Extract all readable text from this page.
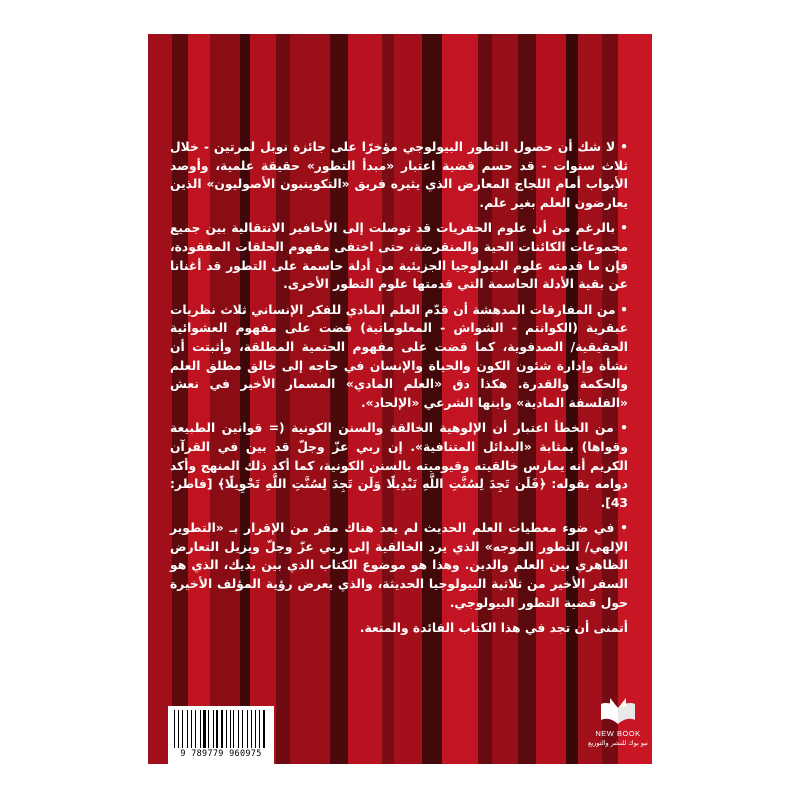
• لا شك أن حصول التطور البيولوجي مؤخرًا على جائزة نوبل لمرتين - خلال ثلاث سنوات - قد حسم قضية اعتبار «مبدأ التطور» حقيقة علمية، وأوصد الأبواب أمام اللجاج المعارض الذي يثيره فريق «التكوينيون الأصوليون» الذين يعارضون العلم بغير علم.

• بالرغم من أن علوم الحفريات قد توصلت إلى الأحافير الانتقالية بين جميع مجموعات الكائنات الحية والمنقرضة، حتى اختفى مفهوم الحلقات المفقودة، فإن ما قدمته علوم البيولوجيا الجزيئية من أدلة حاسمة على التطور قد أغنانا عن بقية الأدلة الحاسمة التي قدمتها علوم التطور الأخرى.

• من المفارقات المدهشة أن قدّم العلم المادي للفكر الإنساني ثلاث نظريات عبقرية (الكوانتم - الشواش - المعلوماتية) قضت على مفهوم العشوائية الحقيقية/ الصدفوية، كما قضت على مفهوم الحتمية المطلقة، وأثبتت أن نشأة وإدارة شئون الكون والحياة والإنسان في حاجه إلى خالق مطلق العلم والحكمة والقدرة. هكذا دق «العلم المادي» المسمار الأخير في نعش «الفلسفة المادية» وابنها الشرعي «الإلحاد».

• من الخطأ اعتبار أن الإلوهية الخالقة والسنن الكونية (= قوانين الطبيعة وقواها) بمثابة «البدائل المتنافية». إن ربي عزّ وجلّ قد بين في القرآن الكريم أنه يمارس خالقيته وقيوميته بالسنن الكونية، كما أكد ذلك المنهج وأكد دوامه بقوله: ﴿فَلَن تَجِدَ لِسُنَّتِ اللَّهِ تَبْدِيلًا وَلَن تَجِدَ لِسُنَّتِ اللَّهِ تَحْوِيلًا﴾ [فاطر: 43].

• في ضوء معطيات العلم الحديث لم يعد هناك مفر من الإقرار بـ «التطوير الإلهي/ التطور الموجه» الذي يرد الخالقية إلى ربي عزّ وجلّ ويزيل التعارض الظاهري بين العلم والدين. وهذا هو موضوع الكتاب الذي بين يديك، الذي هو السفر الأخير من ثلاثية البيولوجيا الحديثة، والذي يعرض رؤية المؤلف الأخيرة حول قضية التطور البيولوجي.

أتمنى أن تجد في هذا الكتاب الفائدة والمتعة.

9 789779 960975
NEW BOOK
نيو بوك للنشر والتوزيع
